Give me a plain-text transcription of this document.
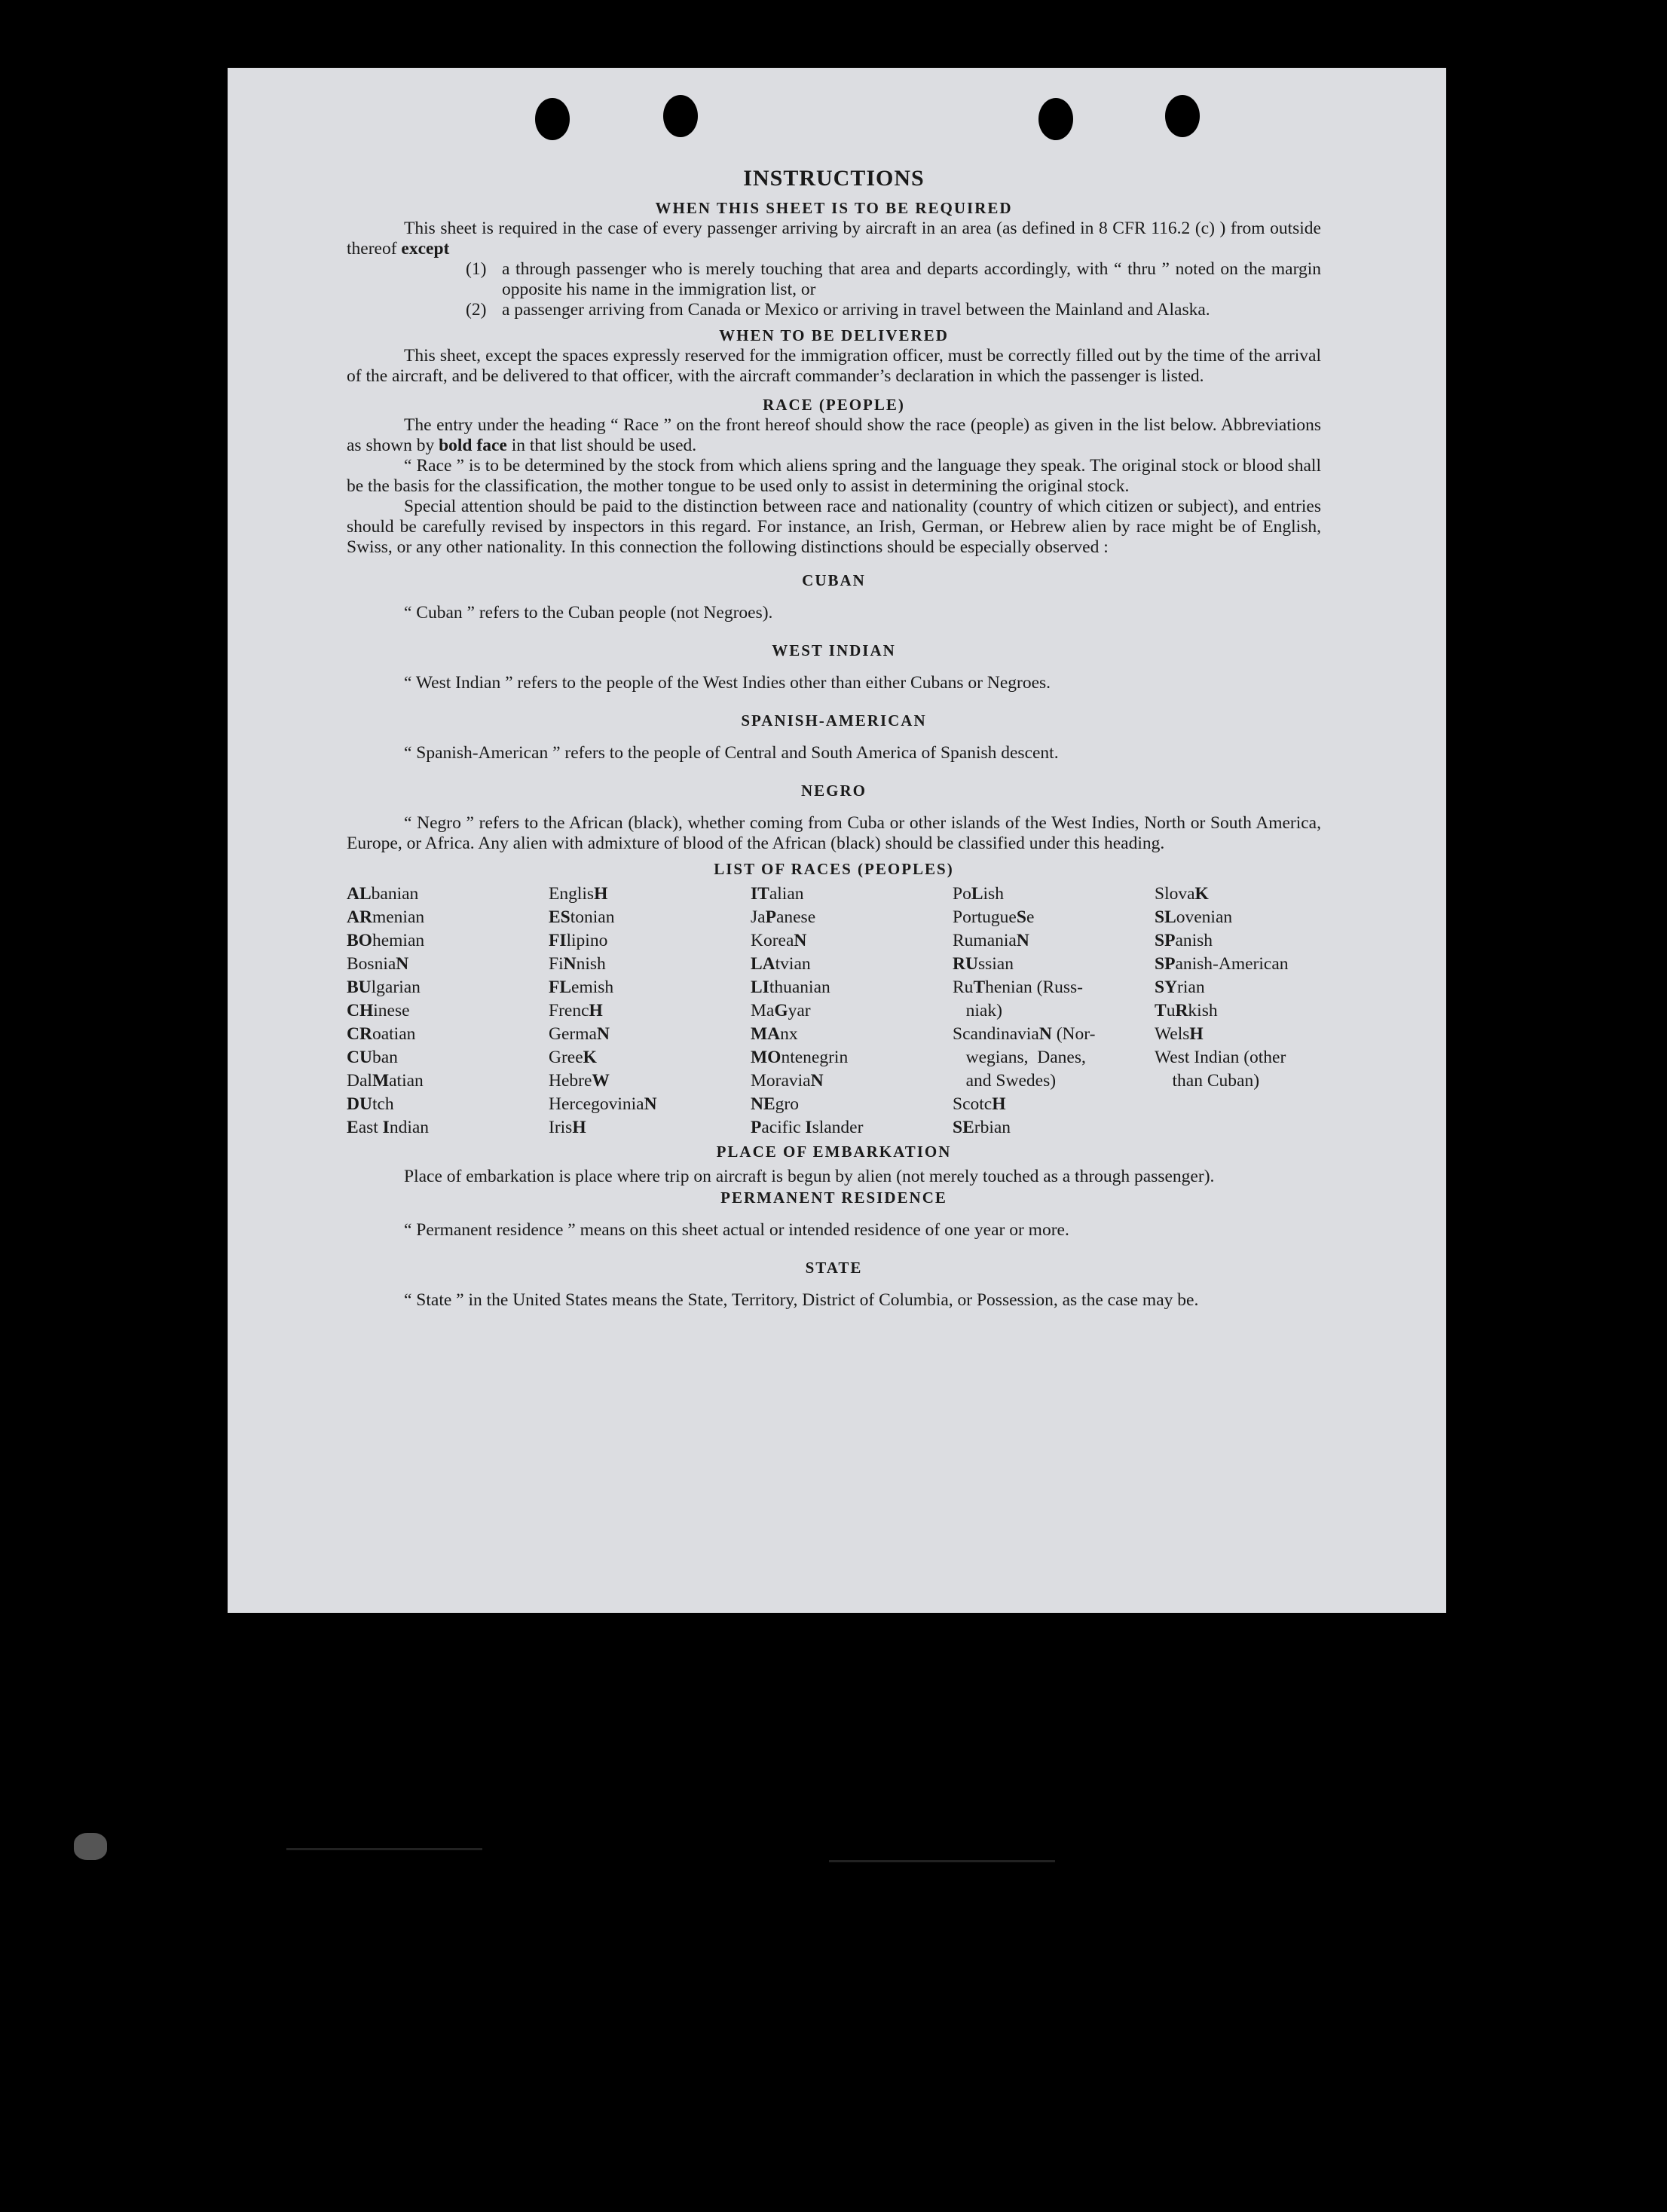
INSTRUCTIONS
WHEN THIS SHEET IS TO BE REQUIRED

This sheet is required in the case of every passenger arriving by aircraft in an area (as defined in 8 CFR 116.2 (c) ) from outside thereof except

(1) a through passenger who is merely touching that area and departs accordingly, with “ thru ” noted on the margin opposite his name in the immigration list, or
(2) a passenger arriving from Canada or Mexico or arriving in travel between the Mainland and Alaska.
WHEN TO BE DELIVERED

This sheet, except the spaces expressly reserved for the immigration officer, must be correctly filled out by the time of the arrival of the aircraft, and be delivered to that officer, with the aircraft commander’s declaration in which the passenger is listed.

RACE (PEOPLE)

The entry under the heading “ Race ” on the front hereof should show the race (people) as given in the list below. Abbreviations as shown by bold face in that list should be used.

“ Race ” is to be determined by the stock from which aliens spring and the language they speak. The original stock or blood shall be the basis for the classification, the mother tongue to be used only to assist in determining the original stock.

Special attention should be paid to the distinction between race and nationality (country of which citizen or subject), and entries should be carefully revised by inspectors in this regard. For instance, an Irish, German, or Hebrew alien by race might be of English, Swiss, or any other nationality. In this connection the following distinctions should be especially observed :

CUBAN

“ Cuban ” refers to the Cuban people (not Negroes).

WEST INDIAN

“ West Indian ” refers to the people of the West Indies other than either Cubans or Negroes.

SPANISH-AMERICAN

“ Spanish-American ” refers to the people of Central and South America of Spanish descent.

NEGRO

“ Negro ” refers to the African (black), whether coming from Cuba or other islands of the West Indies, North or South America, Europe, or Africa. Any alien with admixture of blood of the African (black) should be classified under this heading.

LIST OF RACES (PEOPLES)
ALbanian
ARmenian
BOhemian
BosniaN
BUlgarian
CHinese
CRoatian
CUban
DalMatian
DUtch
East Indian
EnglisH
EStonian
FIlipino
FiNnish
FLemish
FrencH
GermaN
GreeK
HebreW
HercegoviniaN
IrisH
ITalian
JaPanese
KoreaN
LAtvian
LIthuanian
MaGyar
MAnx
MOntenegrin
MoraviaN
NEgro
Pacific Islander
PoLish
PortugueSe
RumaniaN
RUssian
RuThenian (Russ-
niak)
ScandinaviaN (Nor-
wegians,  Danes,
and Swedes)
ScotcH
SErbian
SlovaK
SLovenian
SPanish
SPanish-American
SYrian
TuRkish
WelsH
West Indian (other
than Cuban)
PLACE OF EMBARKATION

Place of embarkation is place where trip on aircraft is begun by alien (not merely touched as a through passenger).

PERMANENT RESIDENCE

“ Permanent residence ” means on this sheet actual or intended residence of one year or more.

STATE

“ State ” in the United States means the State, Territory, District of Columbia, or Possession, as the case may be.
